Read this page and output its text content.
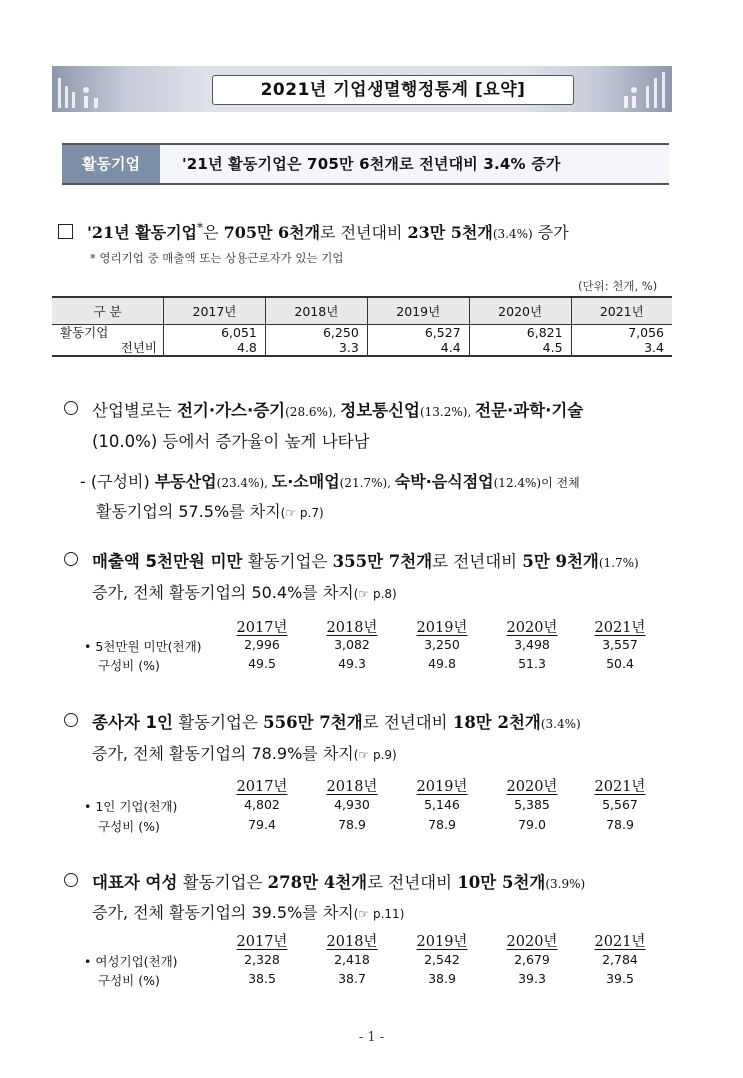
2021년 기업생멸행정통계 [요약]
활동기업	'21년 활동기업은 705만 6천개로 전년대비 3.4% 증가
'21년 활동기업*은 705만 6천개로 전년대비 23만 5천개(3.4%) 증가
* 영리기업 중 매출액 또는 상용근로자가 있는 기업
(단위: 천개, %)
구 분	2017년	2018년	2019년	2020년	2021년
활동기업	6,051	6,250	6,527	6,821	7,056
전년비	4.8	3.3	4.4	4.5	3.4
산업별로는 전기·가스·증기(28.6%), 정보통신업(13.2%), 전문·과학·기술
(10.0%) 등에서 증가율이 높게 나타남
- (구성비) 부동산업(23.4%), 도·소매업(21.7%), 숙박·음식점업(12.4%)이 전체
활동기업의 57.5%를 차지(☞ p.7)
매출액 5천만원 미만 활동기업은 355만 7천개로 전년대비 5만 9천개(1.7%)
증가, 전체 활동기업의 50.4%를 차지(☞ p.8)
2017년	2018년	2019년	2020년	2021년
• 5천만원 미만(천개)	2,996	3,082	3,250	3,498	3,557
구성비 (%)	49.5	49.3	49.8	51.3	50.4
종사자 1인 활동기업은 556만 7천개로 전년대비 18만 2천개(3.4%)
증가, 전체 활동기업의 78.9%를 차지(☞ p.9)
2017년	2018년	2019년	2020년	2021년
• 1인 기업(천개)	4,802	4,930	5,146	5,385	5,567
구성비 (%)	79.4	78.9	78.9	79.0	78.9
대표자 여성 활동기업은 278만 4천개로 전년대비 10만 5천개(3.9%)
증가, 전체 활동기업의 39.5%를 차지(☞ p.11)
2017년	2018년	2019년	2020년	2021년
• 여성기업(천개)	2,328	2,418	2,542	2,679	2,784
구성비 (%)	38.5	38.7	38.9	39.3	39.5
- 1 -
